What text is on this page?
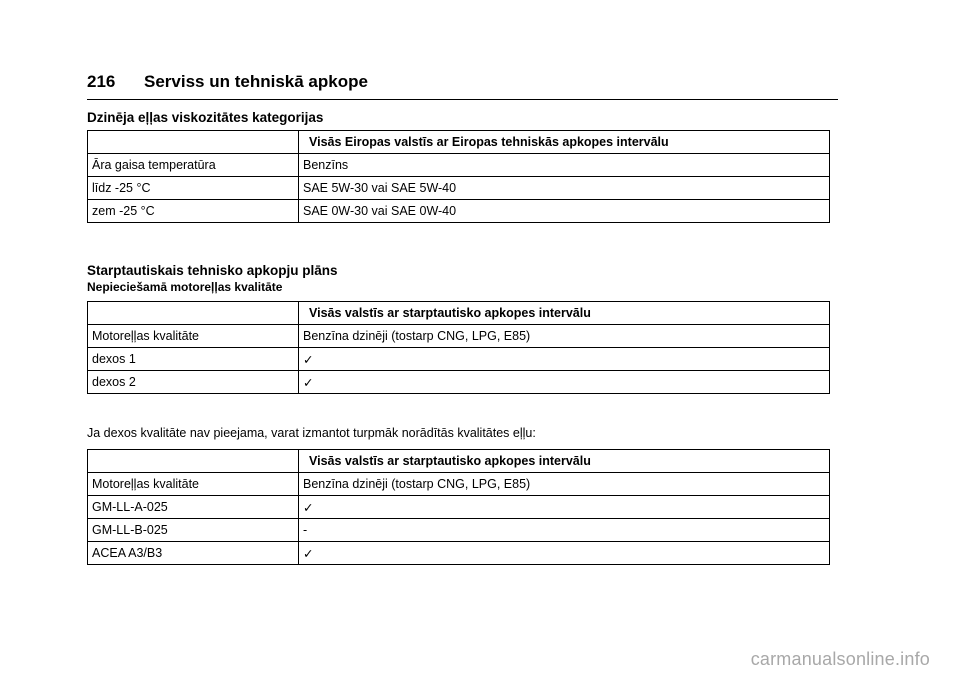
216 Serviss un tehniskā apkope
Dzinēja eļļas viskozitātes kategorijas
	Visās Eiropas valstīs ar Eiropas tehniskās apkopes intervālu
Āra gaisa temperatūra	Benzīns
līdz -25 °C	SAE 5W-30 vai SAE 5W-40
zem -25 °C	SAE 0W-30 vai SAE 0W-40
Starptautiskais tehnisko apkopju plāns
Nepieciešamā motoreļļas kvalitāte
	Visās valstīs ar starptautisko apkopes intervālu
Motoreļļas kvalitāte	Benzīna dzinēji (tostarp CNG, LPG, E85)
dexos 1	✓
dexos 2	✓
Ja dexos kvalitāte nav pieejama, varat izmantot turpmāk norādītās kvalitātes eļļu:
	Visās valstīs ar starptautisko apkopes intervālu
Motoreļļas kvalitāte	Benzīna dzinēji (tostarp CNG, LPG, E85)
GM-LL-A-025	✓
GM-LL-B-025	-
ACEA A3/B3	✓
carmanualsonline.info
